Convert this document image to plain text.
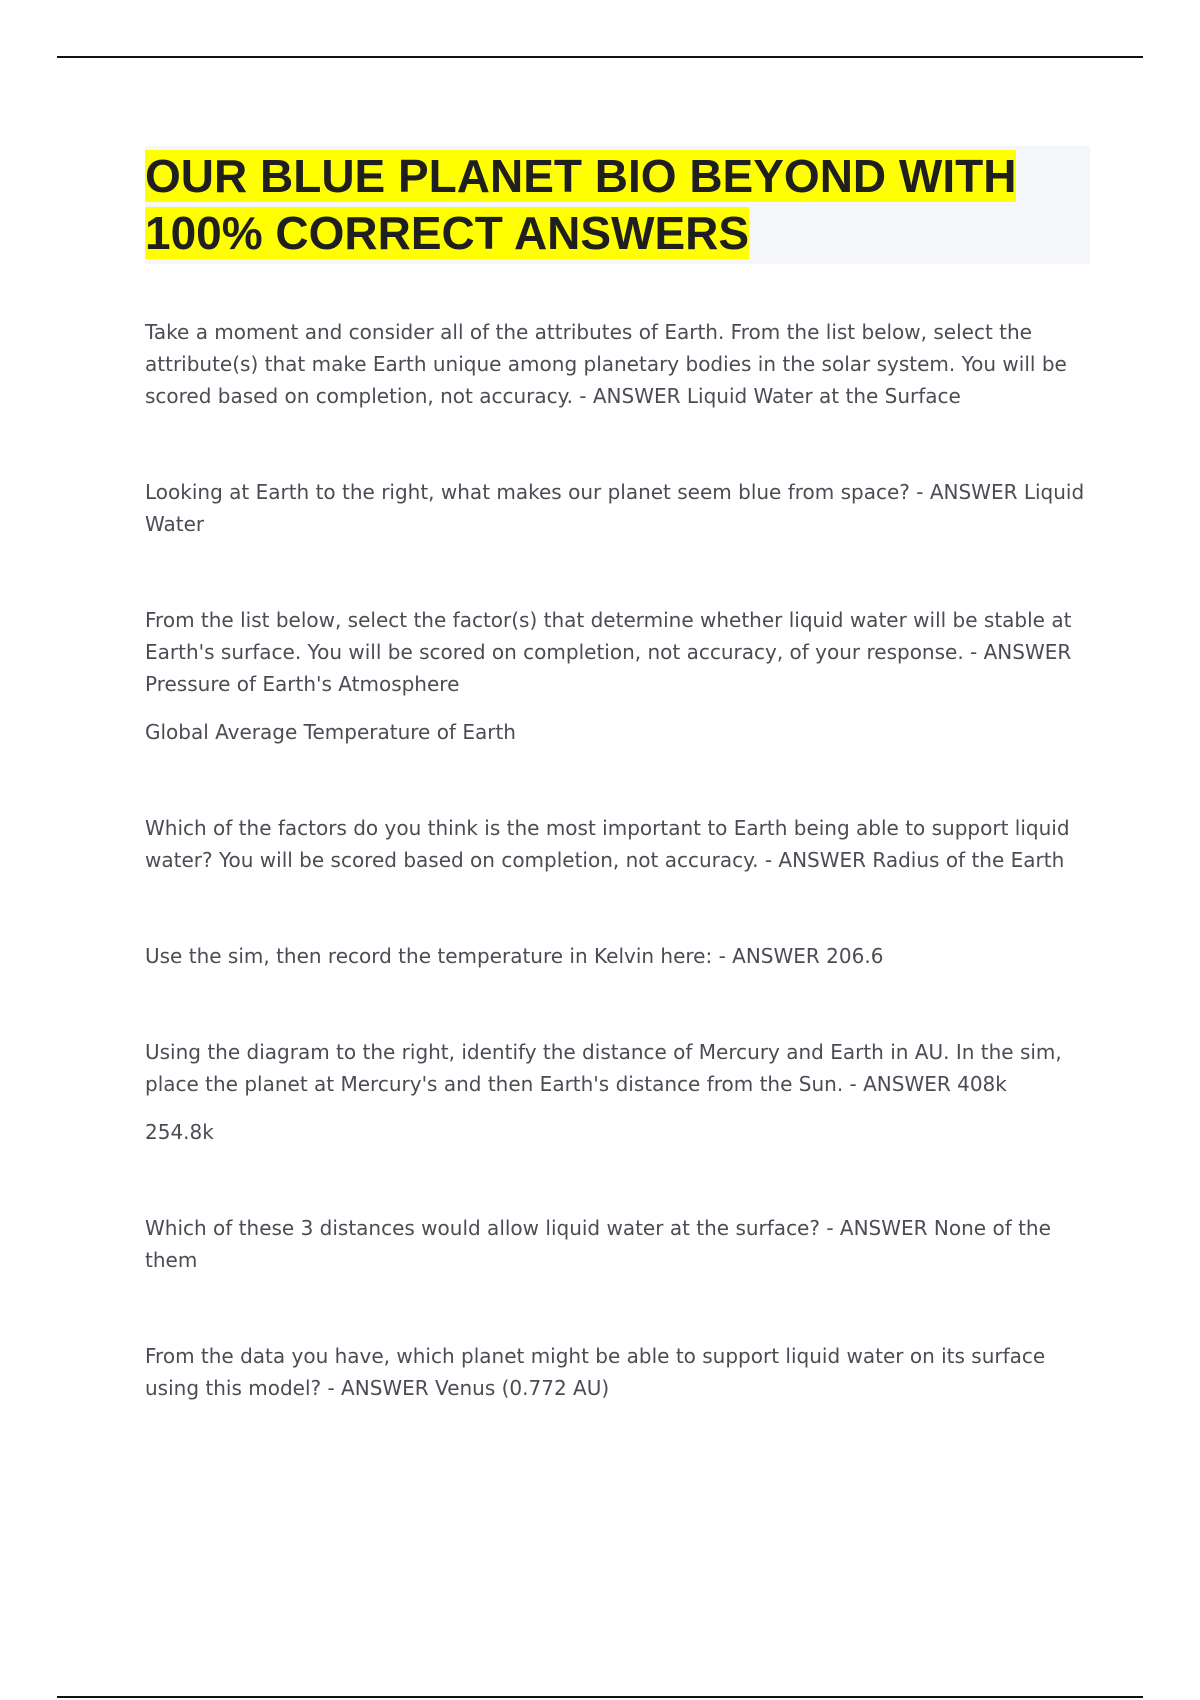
OUR BLUE PLANET BIO BEYOND WITH 100% CORRECT ANSWERS

Take a moment and consider all of the attributes of Earth. From the list below, select the attribute(s) that make Earth unique among planetary bodies in the solar system. You will be scored based on completion, not accuracy. - ANSWER Liquid Water at the Surface

Looking at Earth to the right, what makes our planet seem blue from space? - ANSWER Liquid Water

From the list below, select the factor(s) that determine whether liquid water will be stable at Earth's surface. You will be scored on completion, not accuracy, of your response. - ANSWER Pressure of Earth's Atmosphere

Global Average Temperature of Earth

Which of the factors do you think is the most important to Earth being able to support liquid water? You will be scored based on completion, not accuracy. - ANSWER Radius of the Earth

Use the sim, then record the temperature in Kelvin here: - ANSWER 206.6

Using the diagram to the right, identify the distance of Mercury and Earth in AU. In the sim, place the planet at Mercury's and then Earth's distance from the Sun. - ANSWER 408k

254.8k

Which of these 3 distances would allow liquid water at the surface? - ANSWER None of the them

From the data you have, which planet might be able to support liquid water on its surface using this model? - ANSWER Venus (0.772 AU)
